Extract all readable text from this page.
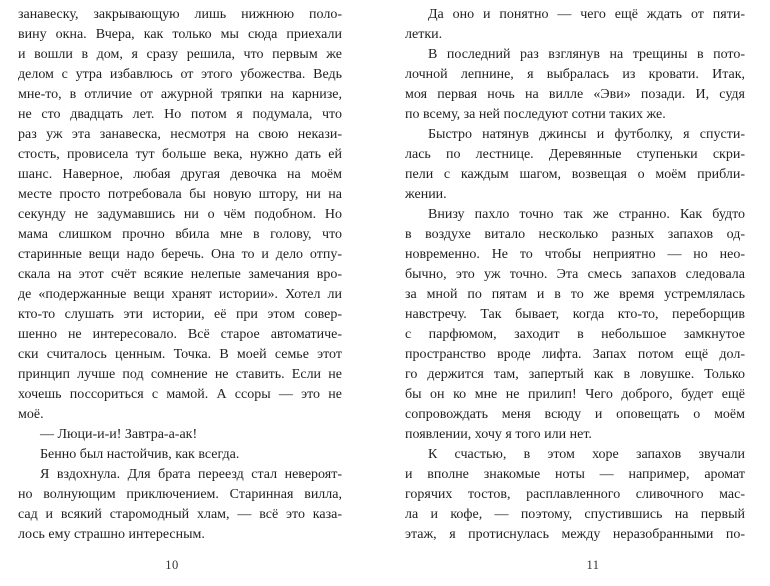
занавеску, закрывающую лишь нижнюю поло-
вину окна. Вчера, как только мы сюда приехали
и вошли в дом, я сразу решила, что первым же
делом с утра избавлюсь от этого убожества. Ведь
мне-то, в отличие от ажурной тряпки на карнизе,
не сто двадцать лет. Но потом я подумала, что
раз уж эта занавеска, несмотря на свою некази-
стость, провисела тут больше века, нужно дать ей
шанс. Наверное, любая другая девочка на моём
месте просто потребовала бы новую штору, ни на
секунду не задумавшись ни о чём подобном. Но
мама слишком прочно вбила мне в голову, что
старинные вещи надо беречь. Она то и дело отпу-
скала на этот счёт всякие нелепые замечания вро-
де «подержанные вещи хранят истории». Хотел ли
кто-то слушать эти истории, её при этом совер-
шенно не интересовало. Всё старое автоматиче-
ски считалось ценным. Точка. В моей семье этот
принцип лучше под сомнение не ставить. Если не
хочешь поссориться с мамой. А ссоры — это не
моё.
— Люци-и-и! Завтра-а-ак!
Бенно был настойчив, как всегда.
Я вздохнула. Для брата переезд стал невероят-
но волнующим приключением. Старинная вилла,
сад и всякий старомодный хлам, — всё это каза-
лось ему страшно интересным.
Да оно и понятно — чего ещё ждать от пяти-
летки.
В последний раз взглянув на трещины в пото-
лочной лепнине, я выбралась из кровати. Итак,
моя первая ночь на вилле «Эви» позади. И, судя
по всему, за ней последуют сотни таких же.
Быстро натянув джинсы и футболку, я спусти-
лась по лестнице. Деревянные ступеньки скри-
пели с каждым шагом, возвещая о моём прибли-
жении.
Внизу пахло точно так же странно. Как будто
в воздухе витало несколько разных запахов од-
новременно. Не то чтобы неприятно — но нео-
бычно, это уж точно. Эта смесь запахов следовала
за мной по пятам и в то же время устремлялась
навстречу. Так бывает, когда кто-то, переборщив
с парфюмом, заходит в небольшое замкнутое
пространство вроде лифта. Запах потом ещё дол-
го держится там, запертый как в ловушке. Только
бы он ко мне не прилип! Чего доброго, будет ещё
сопровождать меня всюду и оповещать о моём
появлении, хочу я того или нет.
К счастью, в этом хоре запахов звучали
и вполне знакомые ноты — например, аромат
горячих тостов, расплавленного сливочного мас-
ла и кофе, — поэтому, спустившись на первый
этаж, я протиснулась между неразобранными по-
10	11
